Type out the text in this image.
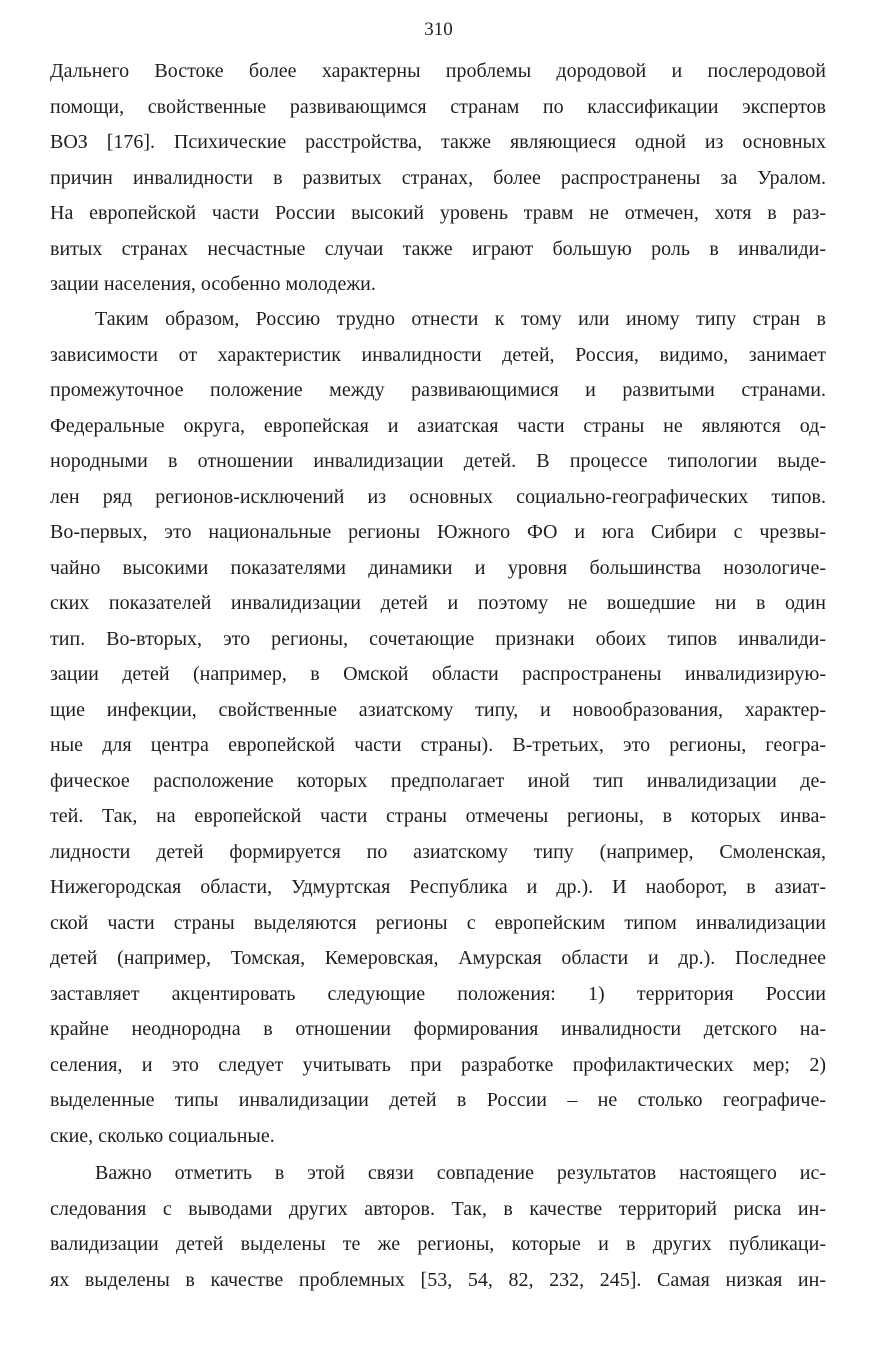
310
Дальнего Востоке более характерны проблемы дородовой и послеродовой
помощи, свойственные развивающимся странам по классификации экспертов
ВОЗ [176]. Психические расстройства, также являющиеся одной из основных
причин инвалидности в развитых странах, более распространены за Уралом.
На европейской части России высокий уровень травм не отмечен, хотя в раз-
витых странах несчастные случаи также играют большую роль в инвалиди-
зации населения, особенно молодежи.
Таким образом, Россию трудно отнести к тому или иному типу стран в
зависимости от характеристик инвалидности детей, Россия, видимо, занимает
промежуточное положение между развивающимися и развитыми странами.
Федеральные округа, европейская и азиатская части страны не являются од-
нородными в отношении инвалидизации детей. В процессе типологии выде-
лен ряд регионов-исключений из основных социально-географических типов.
Во-первых, это национальные регионы Южного ФО и юга Сибири с чрезвы-
чайно высокими показателями динамики и уровня большинства нозологиче-
ских показателей инвалидизации детей и поэтому не вошедшие ни в один
тип. Во-вторых, это регионы, сочетающие признаки обоих типов инвалиди-
зации детей (например, в Омской области распространены инвалидизирую-
щие инфекции, свойственные азиатскому типу, и новообразования, характер-
ные для центра европейской части страны). В-третьих, это регионы, геогра-
фическое расположение которых предполагает иной тип инвалидизации де-
тей. Так, на европейской части страны отмечены регионы, в которых инва-
лидности детей формируется по азиатскому типу (например, Смоленская,
Нижегородская области, Удмуртская Республика и др.). И наоборот, в азиат-
ской части страны выделяются регионы с европейским типом инвалидизации
детей (например, Томская, Кемеровская, Амурская области и др.). Последнее
заставляет акцентировать следующие положения: 1) территория России
крайне неоднородна в отношении формирования инвалидности детского на-
селения, и это следует учитывать при разработке профилактических мер; 2)
выделенные типы инвалидизации детей в России – не столько географиче-
ские, сколько социальные.
Важно отметить в этой связи совпадение результатов настоящего ис-
следования с выводами других авторов. Так, в качестве территорий риска ин-
валидизации детей выделены те же регионы, которые и в других публикаци-
ях выделены в качестве проблемных [53, 54, 82, 232, 245]. Самая низкая ин-
